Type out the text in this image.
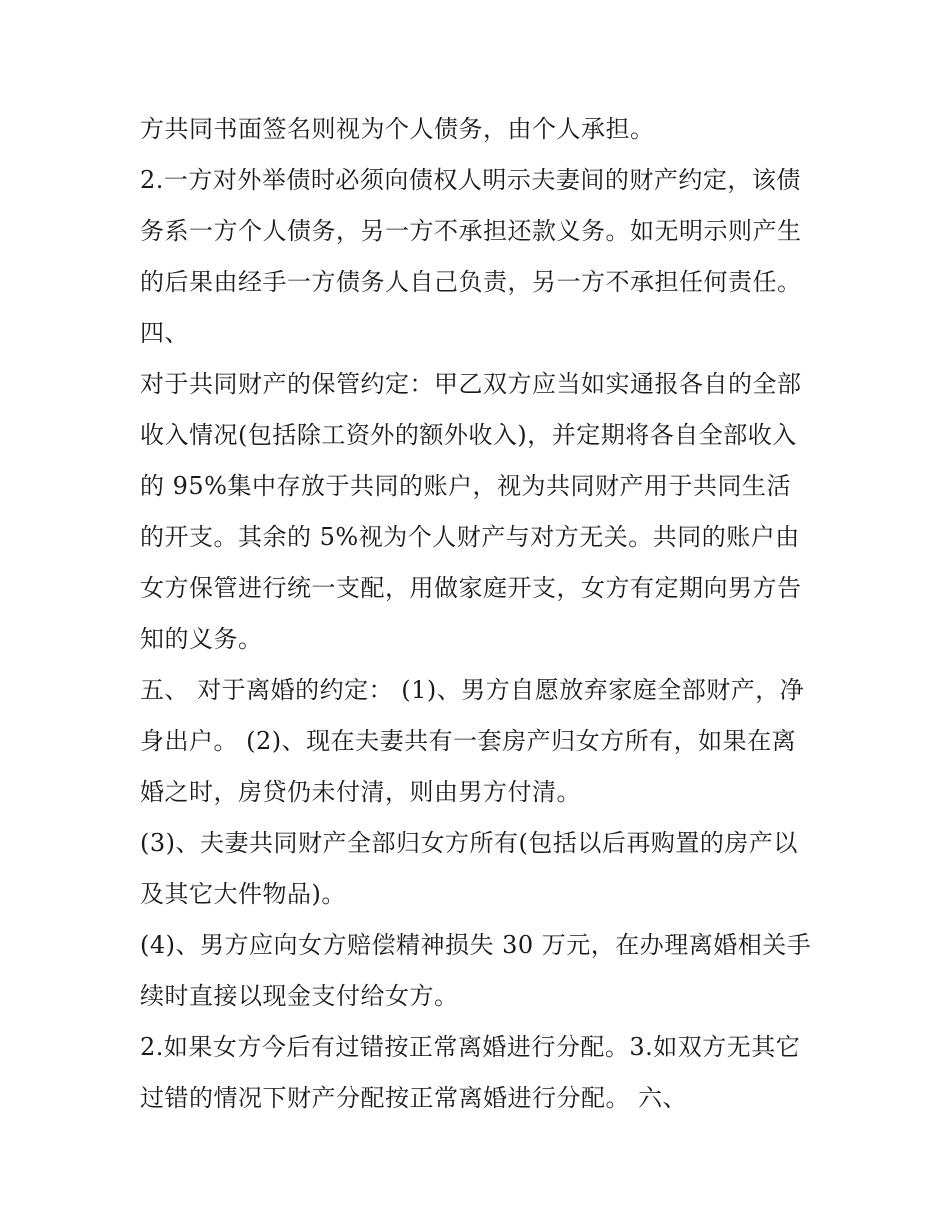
方共同书面签名则视为个人债务，由个人承担。
2.一方对外举债时必须向债权人明示夫妻间的财产约定，该债
务系一方个人债务，另一方不承担还款义务。如无明示则产生
的后果由经手一方债务人自己负责，另一方不承担任何责任。
四、
对于共同财产的保管约定：甲乙双方应当如实通报各自的全部
收入情况(包括除工资外的额外收入)，并定期将各自全部收入
的 95%集中存放于共同的账户，视为共同财产用于共同生活
的开支。其余的 5%视为个人财产与对方无关。共同的账户由
女方保管进行统一支配，用做家庭开支，女方有定期向男方告
知的义务。
五、 对于离婚的约定： (1)、男方自愿放弃家庭全部财产，净
身出户。 (2)、现在夫妻共有一套房产归女方所有，如果在离
婚之时，房贷仍未付清，则由男方付清。
(3)、夫妻共同财产全部归女方所有(包括以后再购置的房产以
及其它大件物品)。
(4)、男方应向女方赔偿精神损失 30 万元，在办理离婚相关手
续时直接以现金支付给女方。
2.如果女方今后有过错按正常离婚进行分配。3.如双方无其它
过错的情况下财产分配按正常离婚进行分配。 六、
